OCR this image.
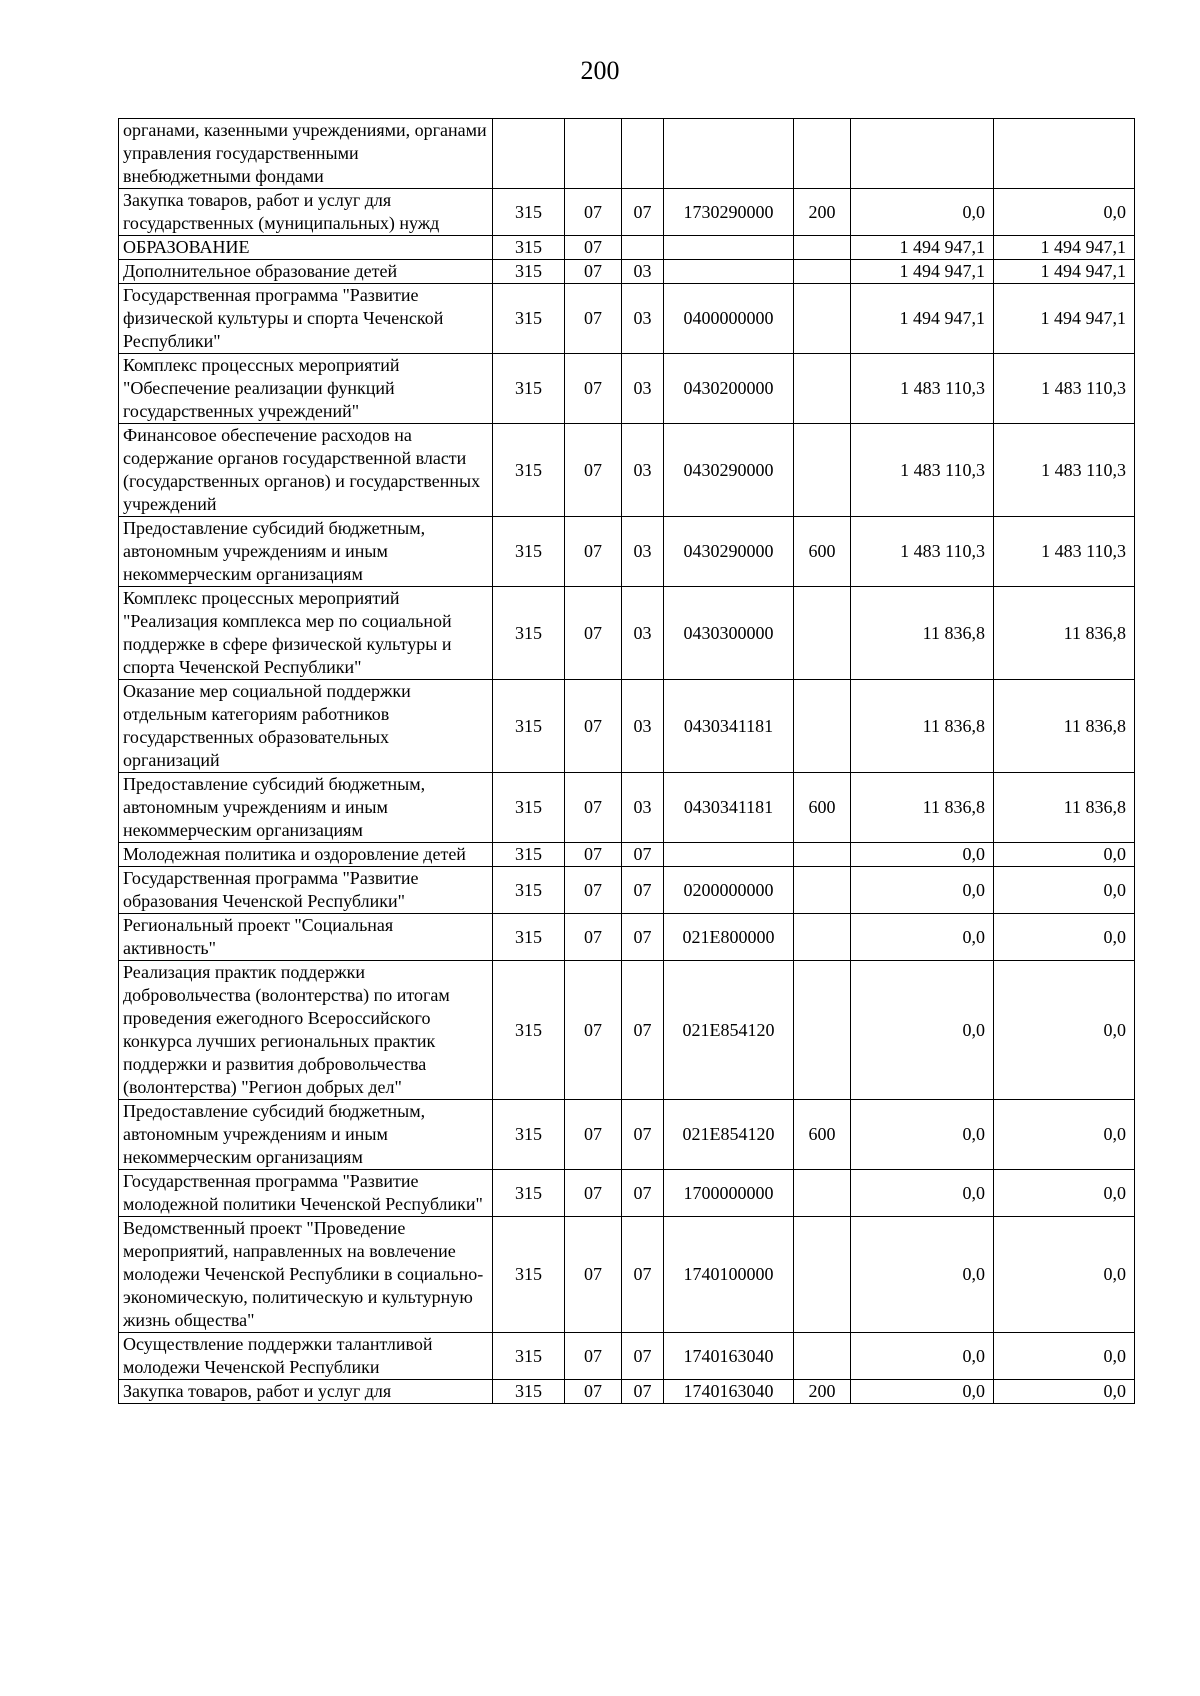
200
органами, казенными учреждениями, органами управления государственными внебюджетными фондами							
Закупка товаров, работ и услуг для государственных (муниципальных) нужд	315	07	07	1730290000	200	0,0	0,0
ОБРАЗОВАНИЕ	315	07				1 494 947,1	1 494 947,1
Дополнительное образование детей	315	07	03			1 494 947,1	1 494 947,1
Государственная программа "Развитие физической культуры и спорта Чеченской Республики"	315	07	03	0400000000		1 494 947,1	1 494 947,1
Комплекс процессных мероприятий "Обеспечение реализации функций государственных учреждений"	315	07	03	0430200000		1 483 110,3	1 483 110,3
Финансовое обеспечение расходов на содержание органов государственной власти (государственных органов) и государственных учреждений	315	07	03	0430290000		1 483 110,3	1 483 110,3
Предоставление субсидий бюджетным, автономным учреждениям и иным некоммерческим организациям	315	07	03	0430290000	600	1 483 110,3	1 483 110,3
Комплекс процессных мероприятий "Реализация комплекса мер по социальной поддержке в сфере физической культуры и спорта Чеченской Республики"	315	07	03	0430300000		11 836,8	11 836,8
Оказание мер социальной поддержки отдельным категориям работников государственных образовательных организаций	315	07	03	0430341181		11 836,8	11 836,8
Предоставление субсидий бюджетным, автономным учреждениям и иным некоммерческим организациям	315	07	03	0430341181	600	11 836,8	11 836,8
Молодежная политика и оздоровление детей	315	07	07			0,0	0,0
Государственная программа "Развитие образования Чеченской Республики"	315	07	07	0200000000		0,0	0,0
Региональный проект "Социальная активность"	315	07	07	021E800000		0,0	0,0
Реализация практик поддержки добровольчества (волонтерства) по итогам проведения ежегодного Всероссийского конкурса лучших региональных практик поддержки и развития добровольчества (волонтерства) "Регион добрых дел"	315	07	07	021E854120		0,0	0,0
Предоставление субсидий бюджетным, автономным учреждениям и иным некоммерческим организациям	315	07	07	021E854120	600	0,0	0,0
Государственная программа "Развитие молодежной политики Чеченской Республики"	315	07	07	1700000000		0,0	0,0
Ведомственный проект "Проведение мероприятий, направленных на вовлечение молодежи Чеченской Республики в социально-экономическую, политическую и культурную жизнь общества"	315	07	07	1740100000		0,0	0,0
Осуществление поддержки талантливой молодежи Чеченской Республики	315	07	07	1740163040		0,0	0,0
Закупка товаров, работ и услуг для	315	07	07	1740163040	200	0,0	0,0
